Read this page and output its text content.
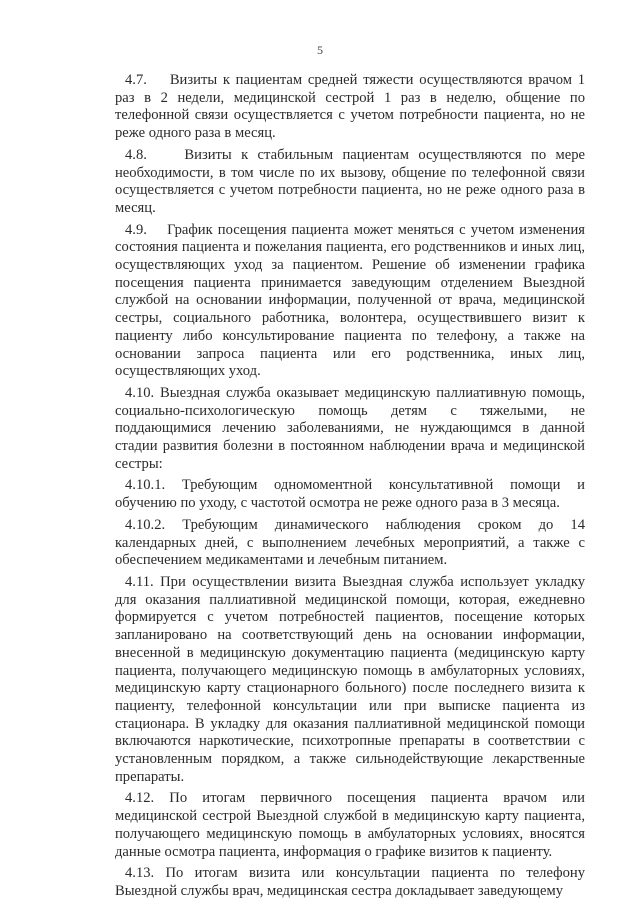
5

4.7.    Визиты к пациентам средней тяжести осуществляются врачом 1 раз в 2 недели, медицинской сестрой 1 раз в неделю, общение по телефонной связи осуществляется с учетом потребности пациента, но не реже одного раза в месяц.

4.8.    Визиты к стабильным пациентам осуществляются по мере необходимости, в том числе по их вызову, общение по телефонной связи осуществляется с учетом потребности пациента, но не реже одного раза в месяц.

4.9.    График посещения пациента может меняться с учетом изменения состояния пациента и пожелания пациента, его родственников и иных лиц, осуществляющих уход за пациентом. Решение об изменении графика посещения пациента принимается заведующим отделением Выездной службой на основании информации, полученной от врача, медицинской сестры, социального работника, волонтера, осуществившего визит к пациенту либо консультирование пациента по телефону, а также на основании запроса пациента или его родственника, иных лиц, осуществляющих уход.

4.10. Выездная служба оказывает медицинскую паллиативную помощь, социально-психологическую помощь детям с тяжелыми, не поддающимися лечению заболеваниями, не нуждающимся в данной стадии развития болезни в постоянном наблюдении врача и медицинской сестры:

4.10.1. Требующим одномоментной консультативной помощи и обучению по уходу, с частотой осмотра не реже одного раза в 3 месяца.

4.10.2. Требующим динамического наблюдения сроком до 14 календарных дней, с выполнением лечебных мероприятий, а также с обеспечением медикаментами и лечебным питанием.

4.11. При осуществлении визита Выездная служба использует укладку для оказания паллиативной медицинской помощи, которая, ежедневно формируется с учетом потребностей пациентов, посещение которых запланировано на соответствующий день на основании информации, внесенной в медицинскую документацию пациента (медицинскую карту пациента, получающего медицинскую помощь в амбулаторных условиях, медицинскую карту стационарного больного) после последнего визита к пациенту, телефонной консультации или при выписке пациента из стационара. В укладку для оказания паллиативной медицинской помощи включаются наркотические, психотропные препараты в соответствии с установленным порядком, а также сильнодействующие лекарственные препараты.

4.12. По итогам первичного посещения пациента врачом или медицинской сестрой Выездной службой в медицинскую карту пациента, получающего медицинскую помощь в амбулаторных условиях, вносятся данные осмотра пациента, информация о графике визитов к пациенту.

4.13. По итогам визита или консультации пациента по телефону Выездной службы врач, медицинская сестра докладывает заведующему
